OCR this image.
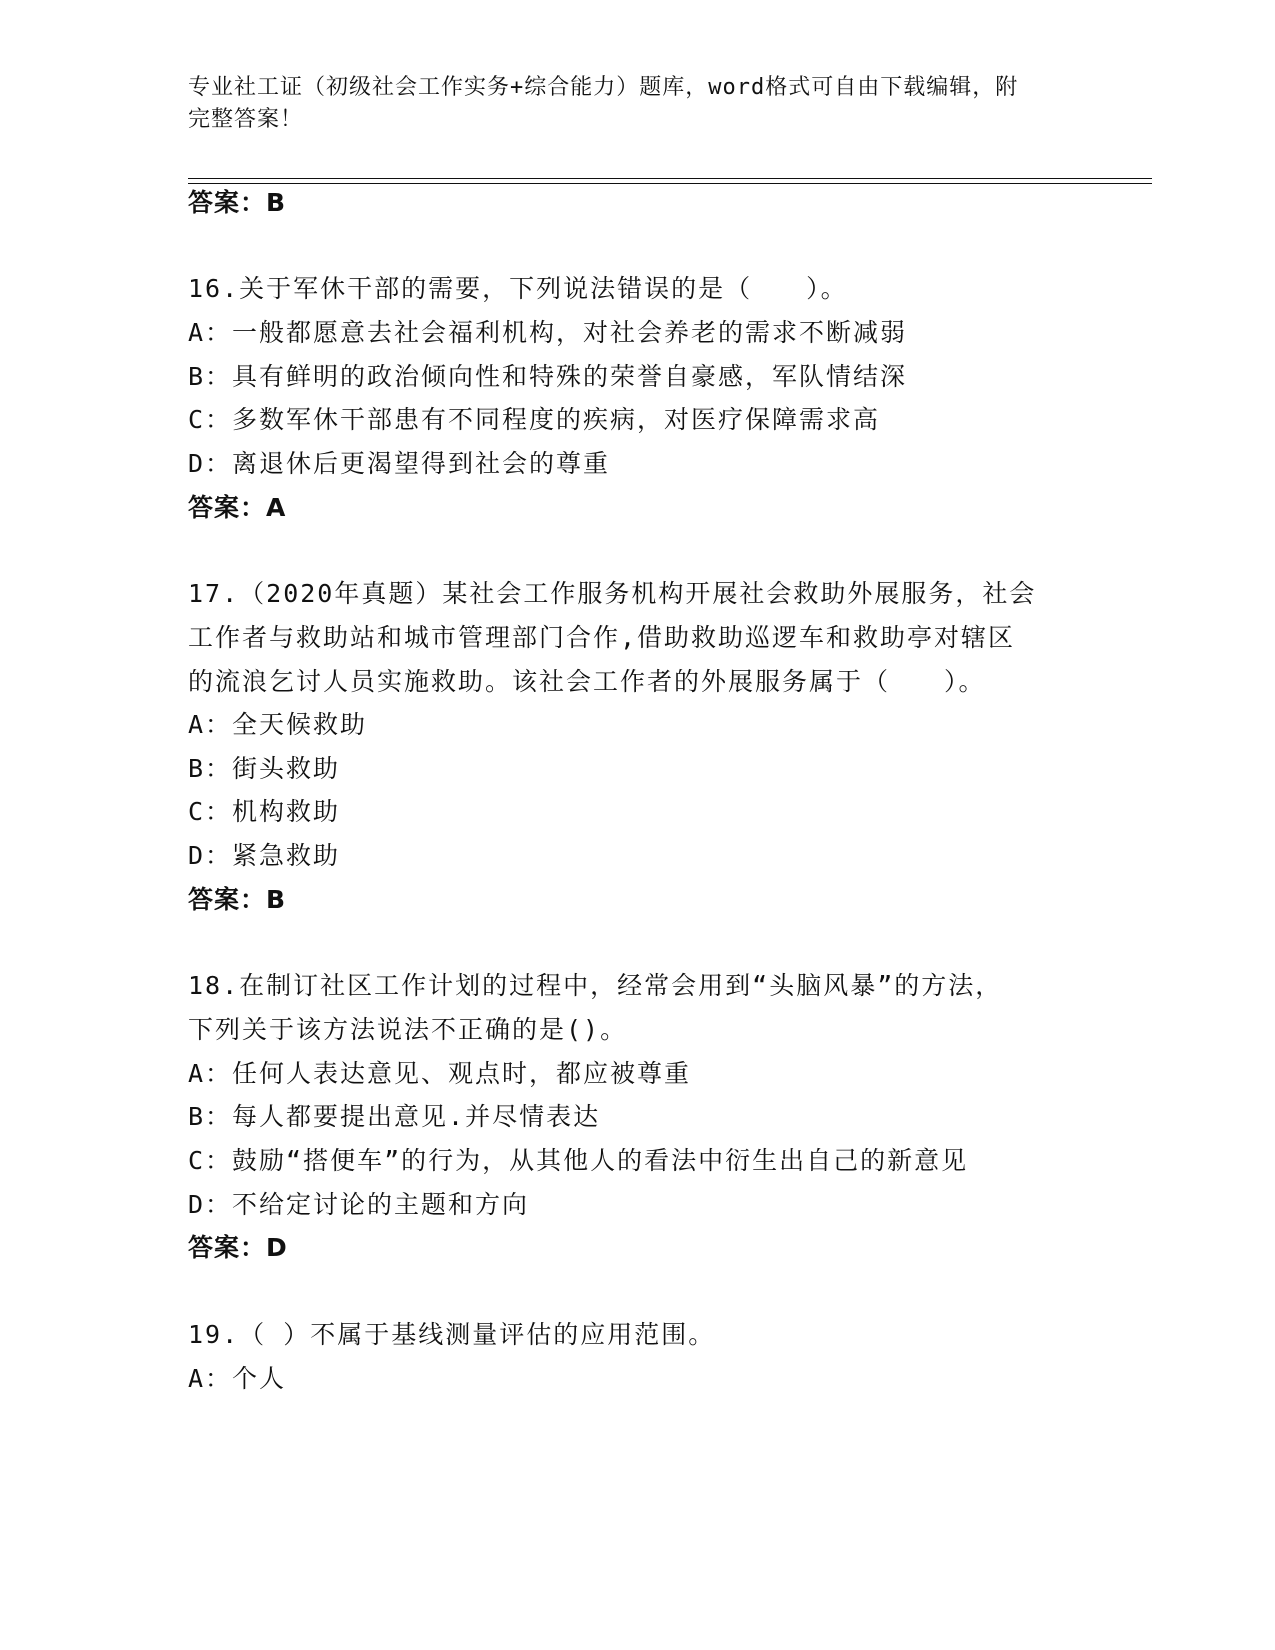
专业社工证（初级社会工作实务+综合能力）题库，word格式可自由下载编辑，附
完整答案！
答案：B
16.关于军休干部的需要，下列说法错误的是（　　）。
A：一般都愿意去社会福利机构，对社会养老的需求不断减弱
B：具有鲜明的政治倾向性和特殊的荣誉自豪感，军队情结深
C：多数军休干部患有不同程度的疾病，对医疗保障需求高
D：离退休后更渴望得到社会的尊重
答案：A
17.（2020年真题）某社会工作服务机构开展社会救助外展服务，社会
工作者与救助站和城市管理部门合作,借助救助巡逻车和救助亭对辖区
的流浪乞讨人员实施救助。该社会工作者的外展服务属于（　　）。
A：全天候救助
B：街头救助
C：机构救助
D：紧急救助
答案：B
18.在制订社区工作计划的过程中，经常会用到“头脑风暴”的方法，
下列关于该方法说法不正确的是()。
A：任何人表达意见、观点时，都应被尊重
B：每人都要提出意见.并尽情表达
C：鼓励“搭便车”的行为，从其他人的看法中衍生出自己的新意见
D：不给定讨论的主题和方向
答案：D
19.（ ）不属于基线测量评估的应用范围。
A：个人
